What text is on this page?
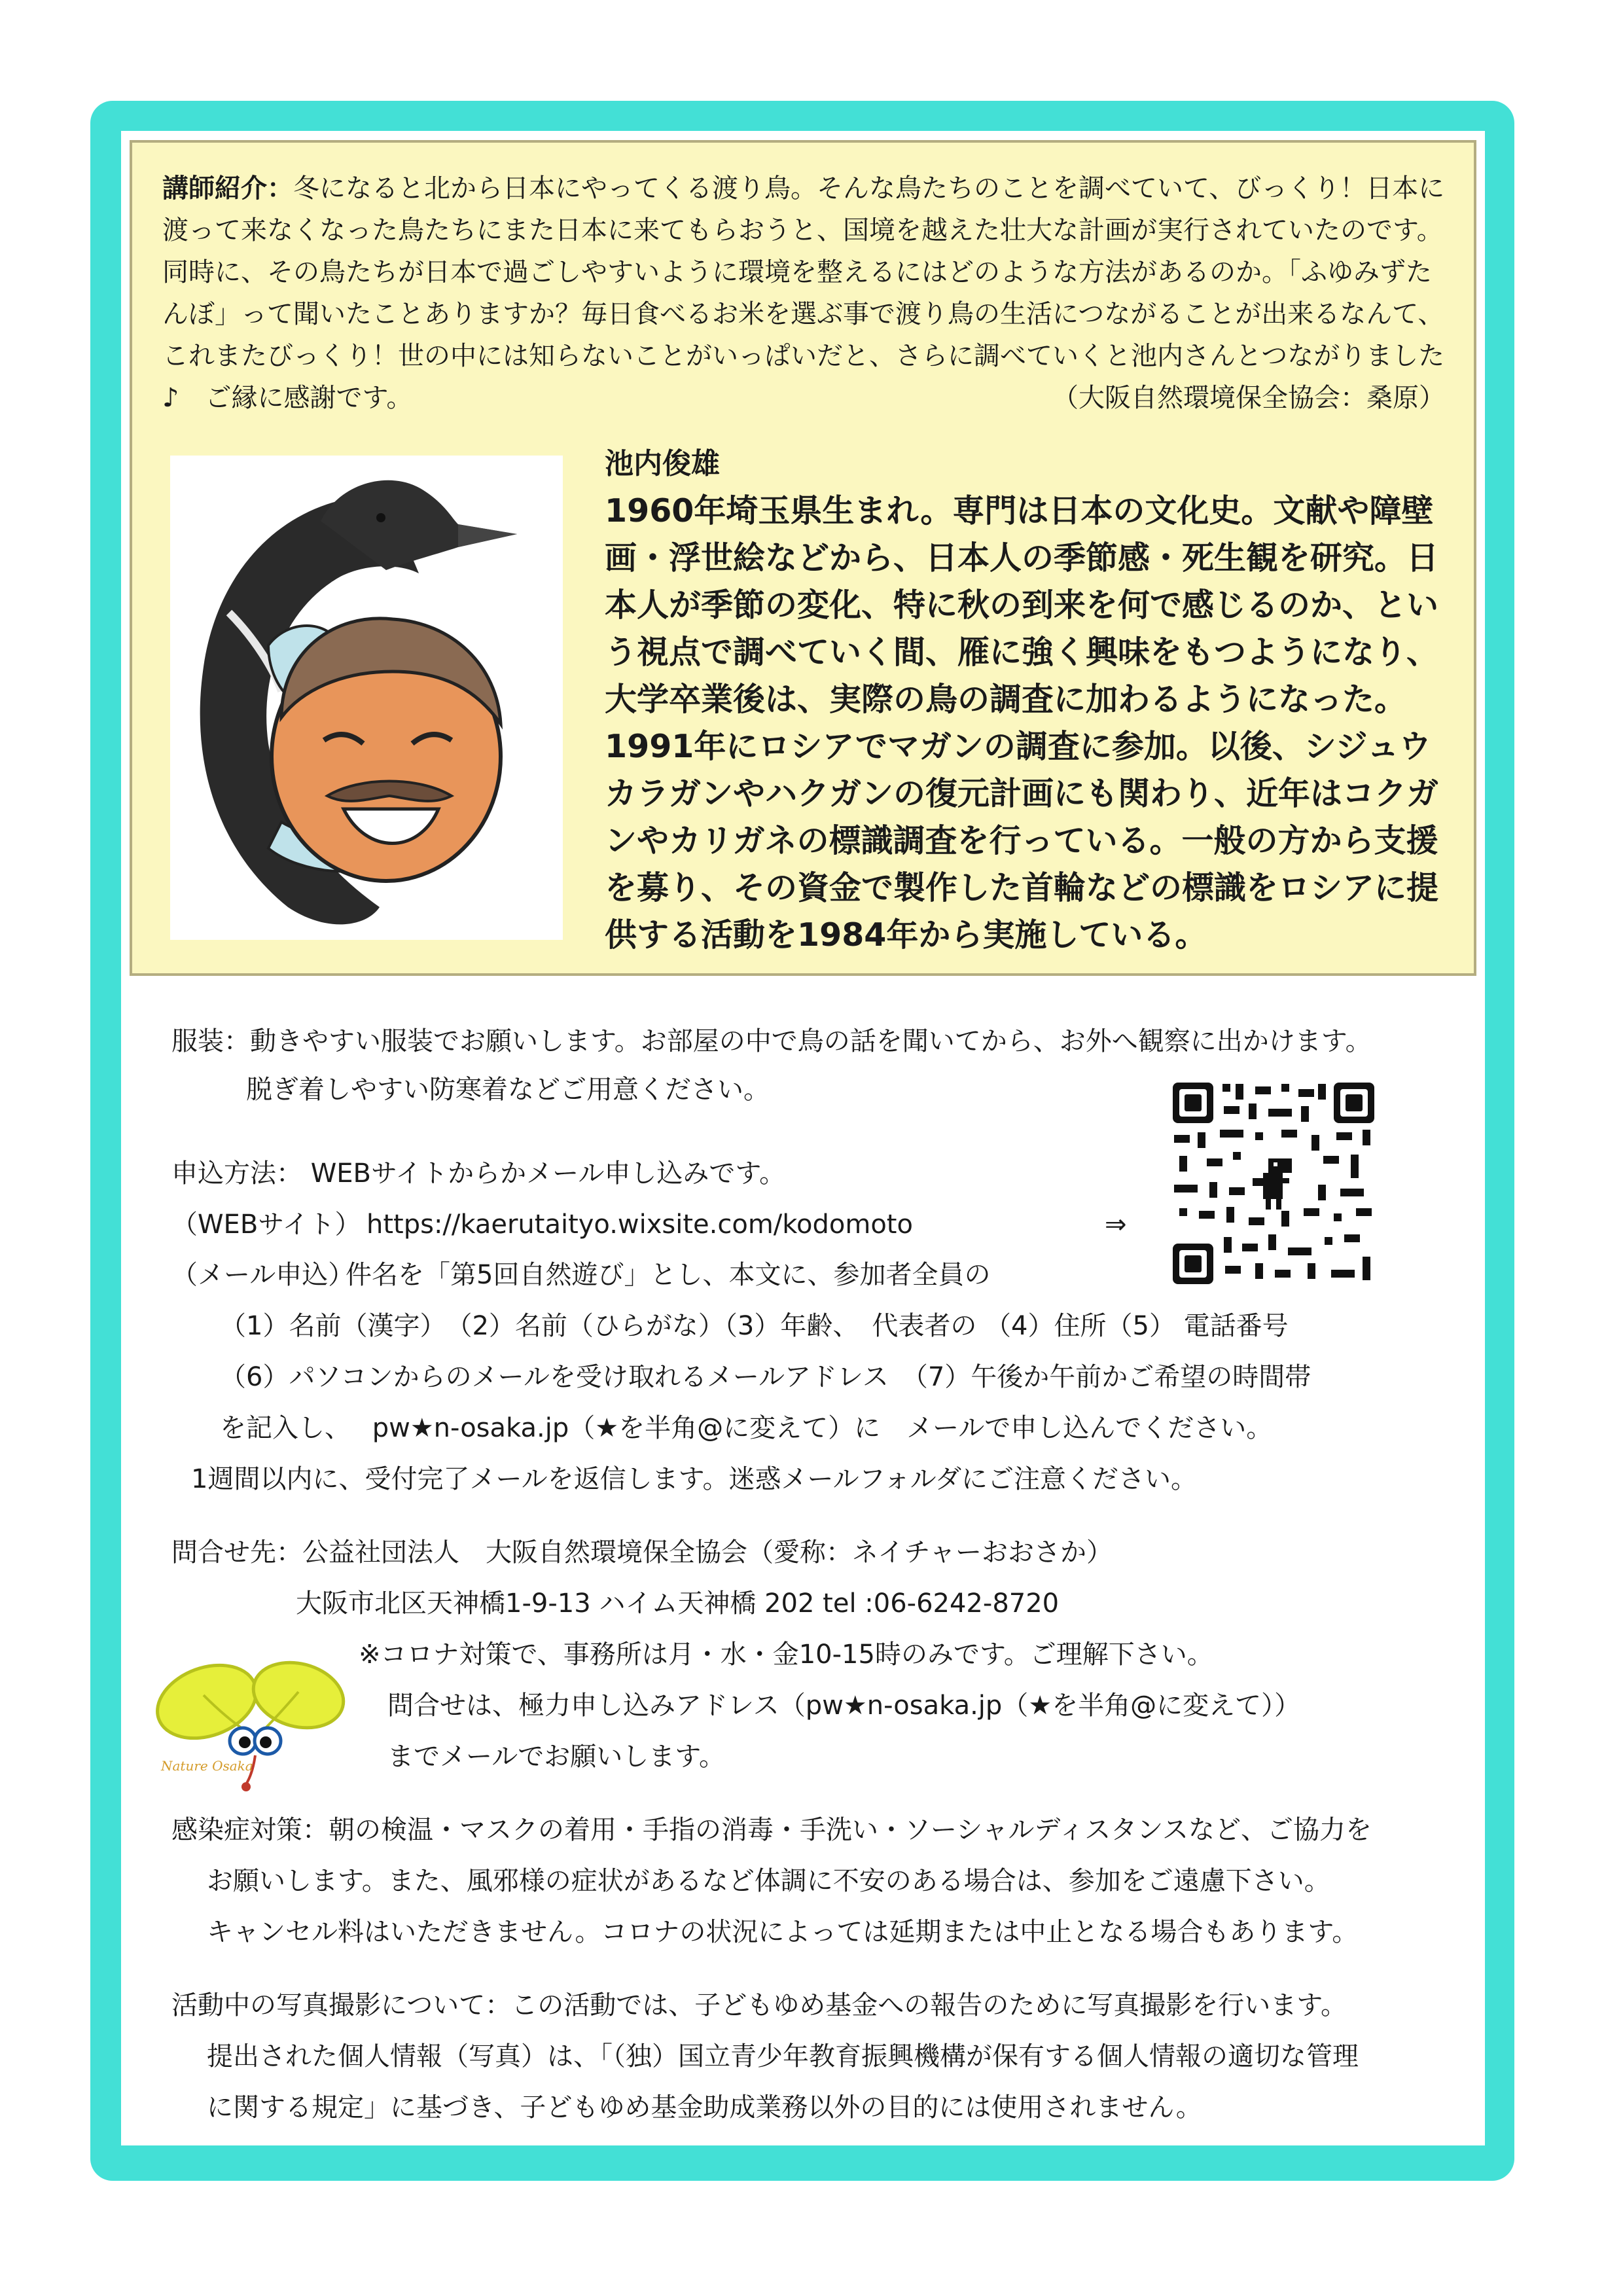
講師紹介：冬になると北から日本にやってくる渡り鳥。そんな鳥たちのことを調べていて、びっくり！日本に渡って来なくなった鳥たちにまた日本に来てもらおうと、国境を越えた壮大な計画が実行されていたのです。同時に、その鳥たちが日本で過ごしやすいように環境を整えるにはどのような方法があるのか。「ふゆみずたんぼ」って聞いたことありますか？毎日食べるお米を選ぶ事で渡り鳥の生活につながることが出来るなんて、これまたびっくり！世の中には知らないことがいっぱいだと、さらに調べていくと池内さんとつながりました♪　ご縁に感謝です。	（大阪自然環境保全協会：桑原）
池内俊雄

1960年埼玉県生まれ。専門は日本の文化史。文献や障壁画・浮世絵などから、日本人の季節感・死生観を研究。日本人が季節の変化、特に秋の到来を何で感じるのか、という視点で調べていく間、雁に強く興味をもつようになり、大学卒業後は、実際の鳥の調査に加わるようになった。1991年にロシアでマガンの調査に参加。以後、シジュウカラガンやハクガンの復元計画にも関わり、近年はコクガンやカリガネの標識調査を行っている。一般の方から支援を募り、その資金で製作した首輪などの標識をロシアに提供する活動を1984年から実施している。

服装：動きやすい服装でお願いします。お部屋の中で鳥の話を聞いてから、お外へ観察に出かけます。
脱ぎ着しやすい防寒着などご用意ください。
申込方法： WEBサイトからかメール申し込みです。
（WEBサイト） https://kaerutaityo.wixsite.com/kodomoto	⇒
（メール申込）
件名を「第5回自然遊び」とし、本文に、参加者全員の
（1）名前（漢字）　（2）名前（ひらがな）（3）年齢、　代表者の （4）住所（5） 電話番号
（6）パソコンからのメールを受け取れるメールアドレス　（7）午後か午前かご希望の時間帯
を記入し、　 pw★n-osaka.jp（★を半角@に変えて）に　メールで申し込んでください。
1週間以内に、受付完了メールを返信します。迷惑メールフォルダにご注意ください。
問合せ先：公益社団法人　大阪自然環境保全協会（愛称：ネイチャーおおさか）
大阪市北区天神橋1-9-13 ハイム天神橋 202 tel :06-6242-8720
※コロナ対策で、事務所は月・水・金10-15時のみです。ご理解下さい。
問合せは、極力申し込みアドレス（pw★n-osaka.jp（★を半角@に変えて））
までメールでお願いします。
Nature Osaka
感染症対策：朝の検温・マスクの着用・手指の消毒・手洗い・ソーシャルディスタンスなど、ご協力を
お願いします。また、風邪様の症状があるなど体調に不安のある場合は、参加をご遠慮下さい。
キャンセル料はいただきません。コロナの状況によっては延期または中止となる場合もあります。
活動中の写真撮影について：この活動では、子どもゆめ基金への報告のために写真撮影を行います。
提出された個人情報（写真）は、「（独）国立青少年教育振興機構が保有する個人情報の適切な管理
に関する規定」に基づき、子どもゆめ基金助成業務以外の目的には使用されません。
